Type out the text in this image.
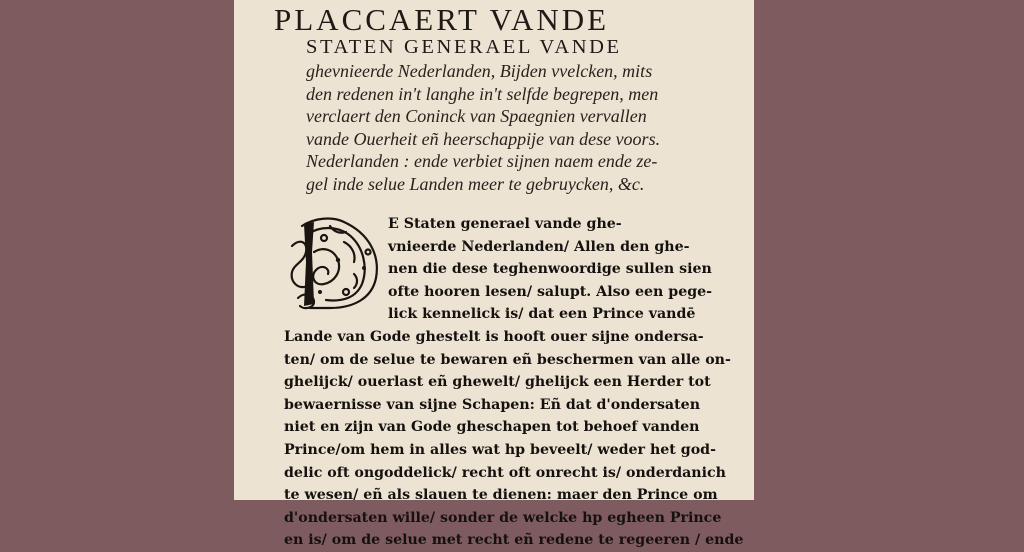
PLACCAERT VANDE
STATEN GENERAEL VANDE
ghevnieerde Nederlanden, Bijden vvelcken, mits
den redenen in't langhe in't selfde begrepen, men
verclaert den Coninck van Spaegnien vervallen
vande Ouerheit eñ heerschappije van dese voors.
Nederlanden : ende verbiet sijnen naem ende ze-
gel inde selue Landen meer te gebruycken, &c.
E Staten generael vande ghe-
vnieerde Nederlanden/ Allen den ghe-
nen die dese teghenwoordige sullen sien
ofte hooren lesen/ salupt. Also een pege-
lick kennelick is/ dat een Prince vandē
Lande van Gode ghestelt is hooft ouer sijne ondersa-
ten/ om de selue te bewaren eñ beschermen van alle on-
ghelijck/ ouerlast eñ ghewelt/ ghelijck een Herder tot
bewaernisse van sijne Schapen: Eñ dat d'ondersaten
niet en zijn van Gode gheschapen tot behoef vanden
Prince/om hem in alles wat hp beveelt/ weder het god-
delic oft ongoddelick/ recht oft onrecht is/ onderdanich
te wesen/ eñ als slauen te dienen: maer den Prince om
d'ondersaten wille/ sonder de welcke hp egheen Prince
en is/ om de selue met recht eñ redene te regeeren / ende
